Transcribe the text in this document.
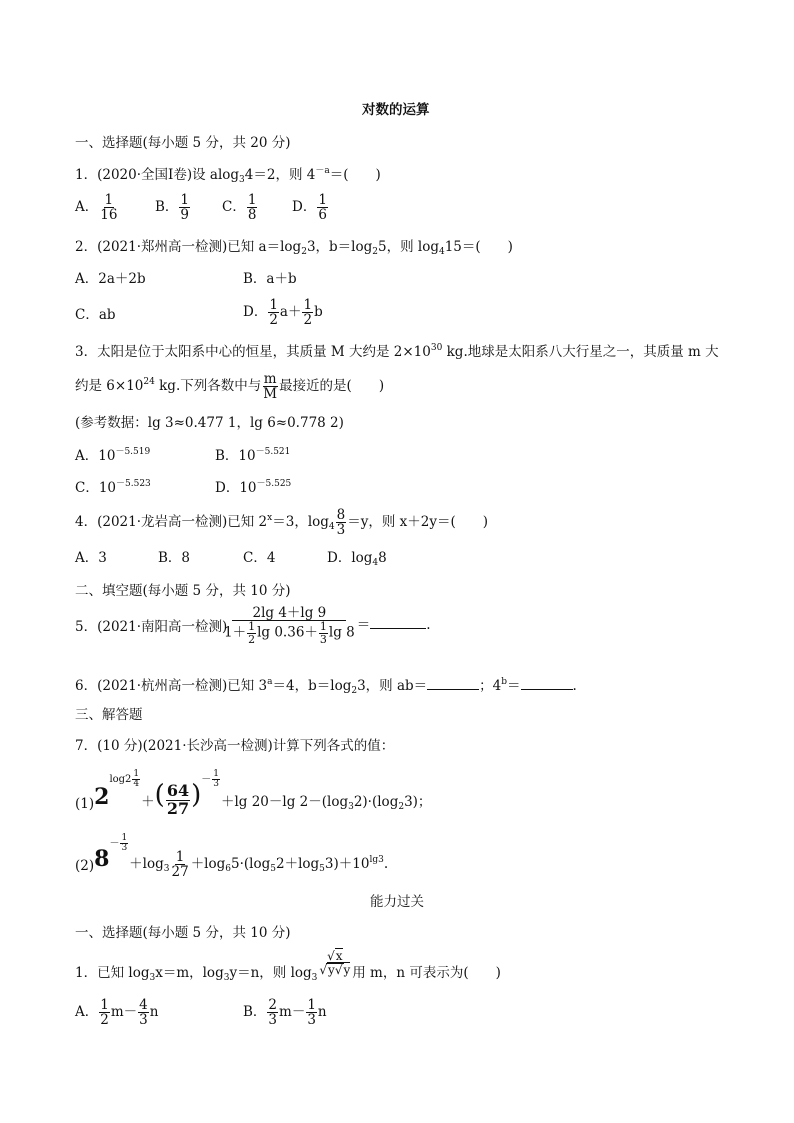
对数的运算
一、选择题(每小题 5 分，共 20 分)
1．(2020·全国Ⅰ卷)设 alog$_3$4＝2，则 $4^{-a}=$(　　)
A． $\frac{1}{16}$	B． $\frac{1}{9}$ C． $\frac{1}{8}$	D． $\frac{1}{6}$
2．(2021·郑州高一检测)已知 $a=\log_23$，$b=\log_25$，则 $\log_415=$(　　)
A．2a＋2b	B．a＋b
C．ab	D． $\frac{1}{2} a+ \frac{1}{2}$ b
3．太阳是位于太阳系中心的恒星，其质量 M 大约是 $2\times 10^{30}$ kg.地球是太阳系八大行星之一，其质量 m 大
约是 $6\times 10^{24}$ kg.下列各数中与 $\frac{m}{M}$ 最接近的是(　　)
(参考数据：lg 3≈0.477 1，lg 6≈0.778 2)
A．$10^{-5.519}$	B．$10^{-5.521}$
C．$10^{-5.523}$	D．$10^{-5.525}$
4．(2021·龙岩高一检测)已知 $2^x=3$，$\log_4 \frac{8}{3} =y$，则 x＋2y＝(　　)
A．3	B．8	C．4	D．$\log_48$
二、填空题(每小题 5 分，共 10 分)
5．(2021·南阳高一检测)
$\frac{2\lg 4+\lg 9}{1+ \frac{1}{2} \lg 0.36+ \frac{1}{3} \lg 8}$ ＝	.
6．(2021·杭州高一检测)已知 $3^a=4$，$b=\log_23$，则 ab＝	；$4^b=$	.
三、解答题
7．(10 分)(2021·长沙高一检测)计算下列各式的值：
$(1)2^{log2 \frac{1}{4}}$
＋( $\frac{64}{27} )^{- \frac{1}{3}}$
＋lg 20－lg $2-(\log_32)\cdot(\log_23)$；
$(2)8^{- \frac{1}{3}}$
$+\log_3 \frac{1}{27} +\log_65\cdot(\log_52+\log_53)+10^{lg3}$.
能力过关
一、选择题(每小题 5 分，共 10 分)
1．已知 $\log_3x=m$，$\log_3y=n$，则 $\log_3$
$\frac{√x}{√y√y}$ 用 m，n 可表示为(　　)
A． $\frac{1}{2} m- \frac{4}{3}$ n	B． $\frac{2}{3} m- \frac{1}{3}$ n
